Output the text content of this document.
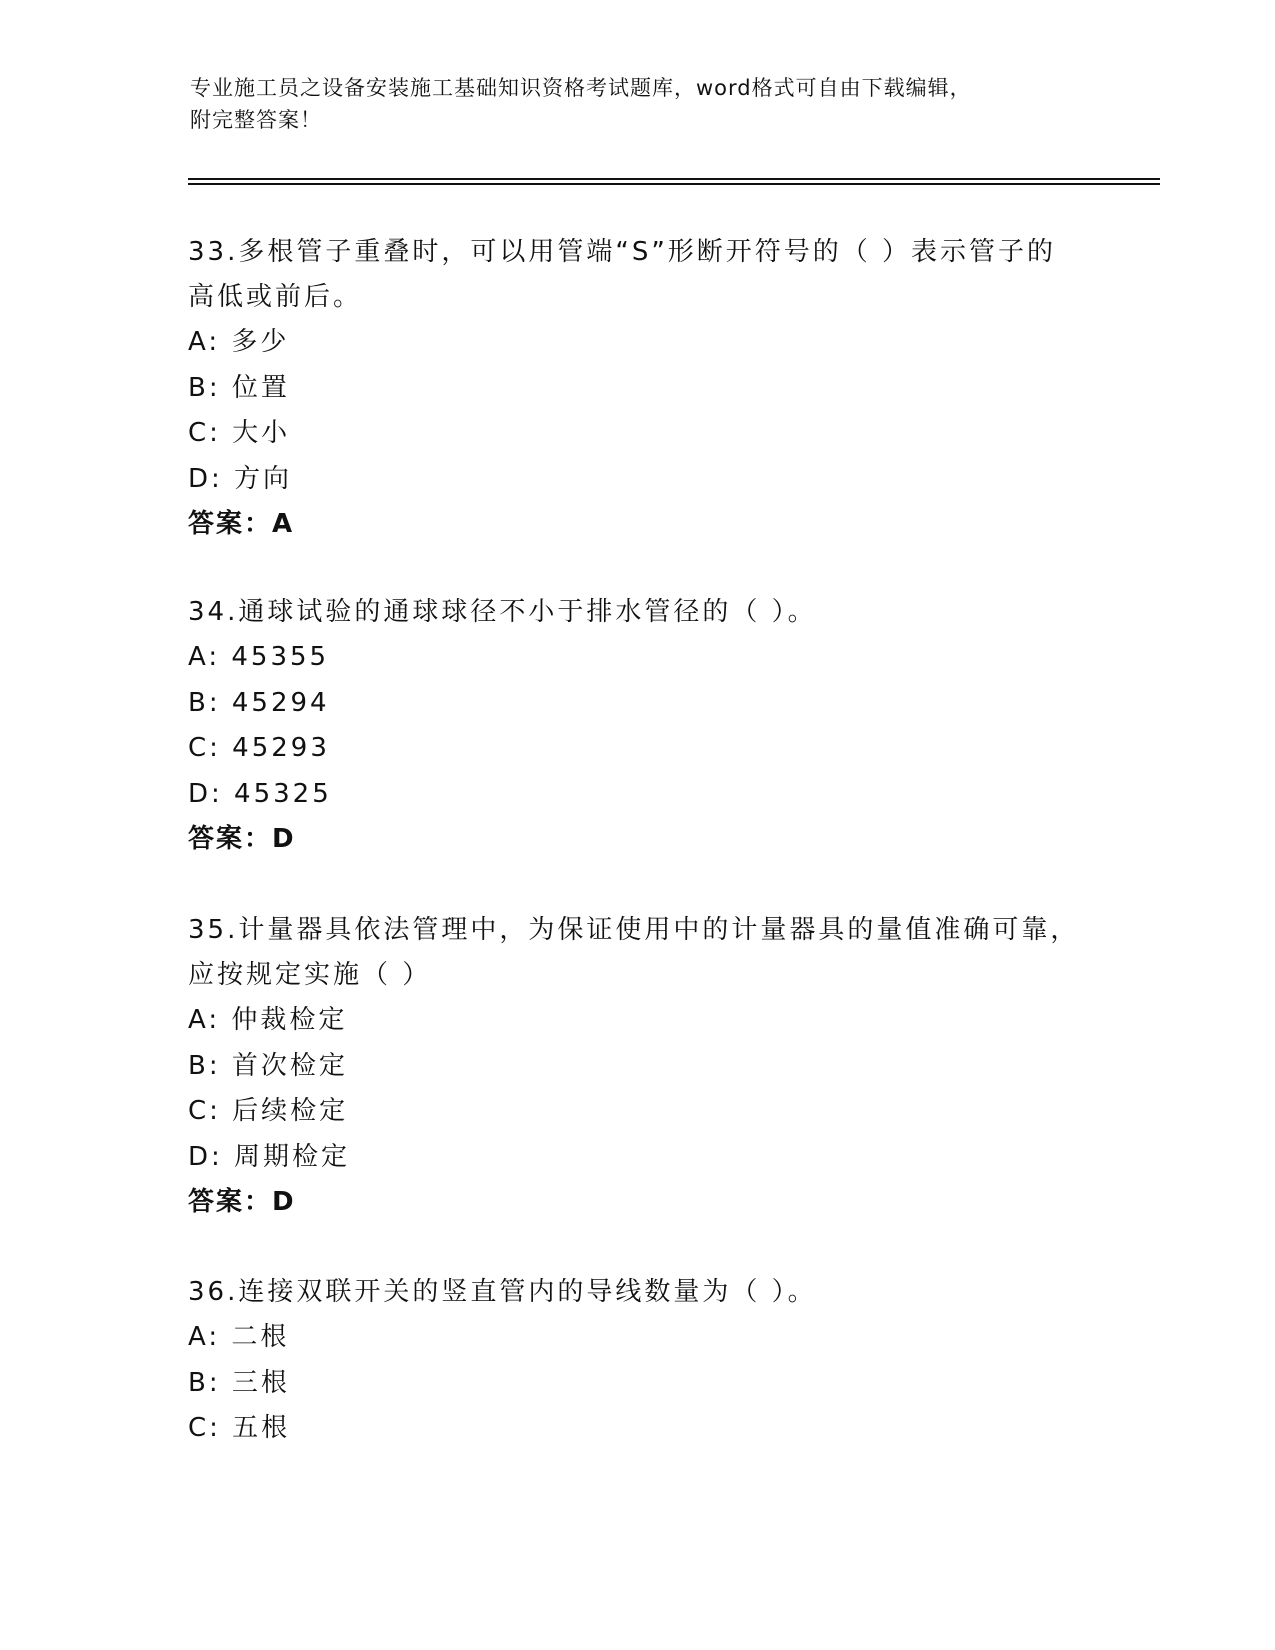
专业施工员之设备安装施工基础知识资格考试题库，word格式可自由下载编辑，
附完整答案！
33.多根管子重叠时，可以用管端“S”形断开符号的（ ）表示管子的
高低或前后。
A: 多少
B: 位置
C: 大小
D: 方向
答案：A
34.通球试验的通球球径不小于排水管径的（ ）。
A: 45355
B: 45294
C: 45293
D: 45325
答案：D
35.计量器具依法管理中，为保证使用中的计量器具的量值准确可靠，
应按规定实施（ ）
A: 仲裁检定
B: 首次检定
C: 后续检定
D: 周期检定
答案：D
36.连接双联开关的竖直管内的导线数量为（ ）。
A: 二根
B: 三根
C: 五根
